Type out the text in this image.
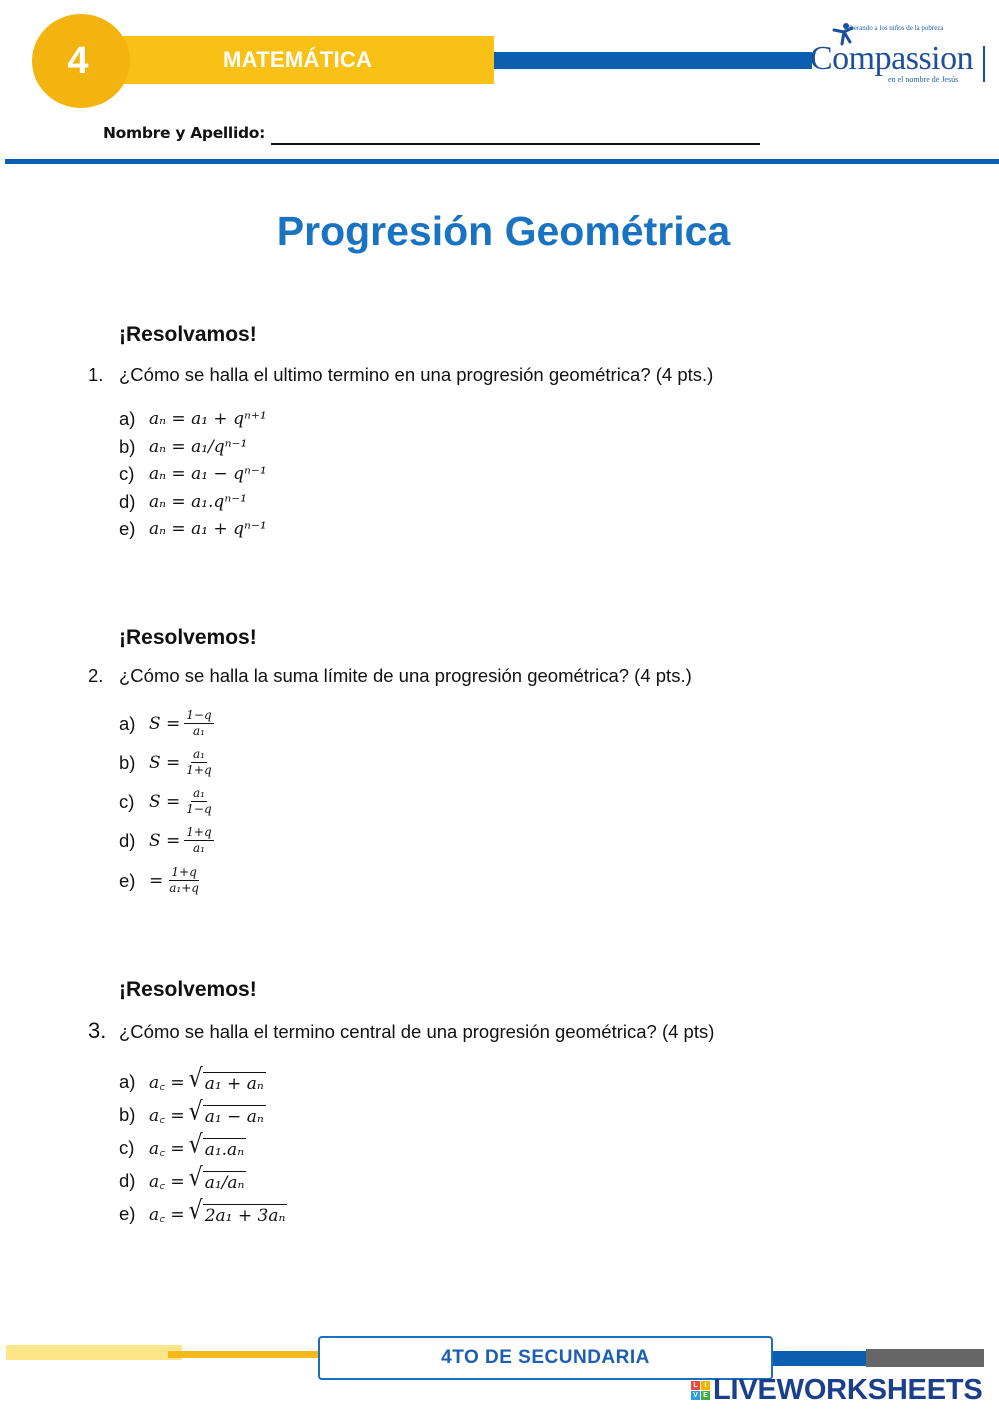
MATEMÁTICA
4
Liberando a los niños de la pobreza
Compassion
en el nombre de Jesús
Nombre y Apellido:
Progresión Geométrica
¡Resolvamos!
1. ¿Cómo se halla el ultimo termino en una progresión geométrica? (4 pts.)
a) aₙ = a₁ + qⁿ⁺¹
b) aₙ = a₁/qⁿ⁻¹
c) aₙ = a₁ − qⁿ⁻¹
d) aₙ = a₁.qⁿ⁻¹
e) aₙ = a₁ + qⁿ⁻¹
¡Resolvemos!
2. ¿Cómo se halla la suma límite de una progresión geométrica? (4 pts.)
a) $S = \frac{1-q}{\text{a₁}}$
b) $S = \frac{\text{a₁}}{1+q}$
c) $S = \frac{\text{a₁}}{1-q}$
d) $S = \frac{1+q}{\text{a₁}}$
$e) = \frac{1+q}{\text{a₁+q}}$
¡Resolvemos!
3. ¿Cómo se halla el termino central de una progresión geométrica? (4 pts)
a) a꜀ = √ a₁ + aₙ
b) a꜀ = √ a₁ − aₙ
c) a꜀ = √ a₁.aₙ
d) a꜀ = √ a₁/aₙ
e) a꜀ = √ 2a₁ + 3aₙ
4TO DE SECUNDARIA
L I
V E LIVEWORKSHEETS
